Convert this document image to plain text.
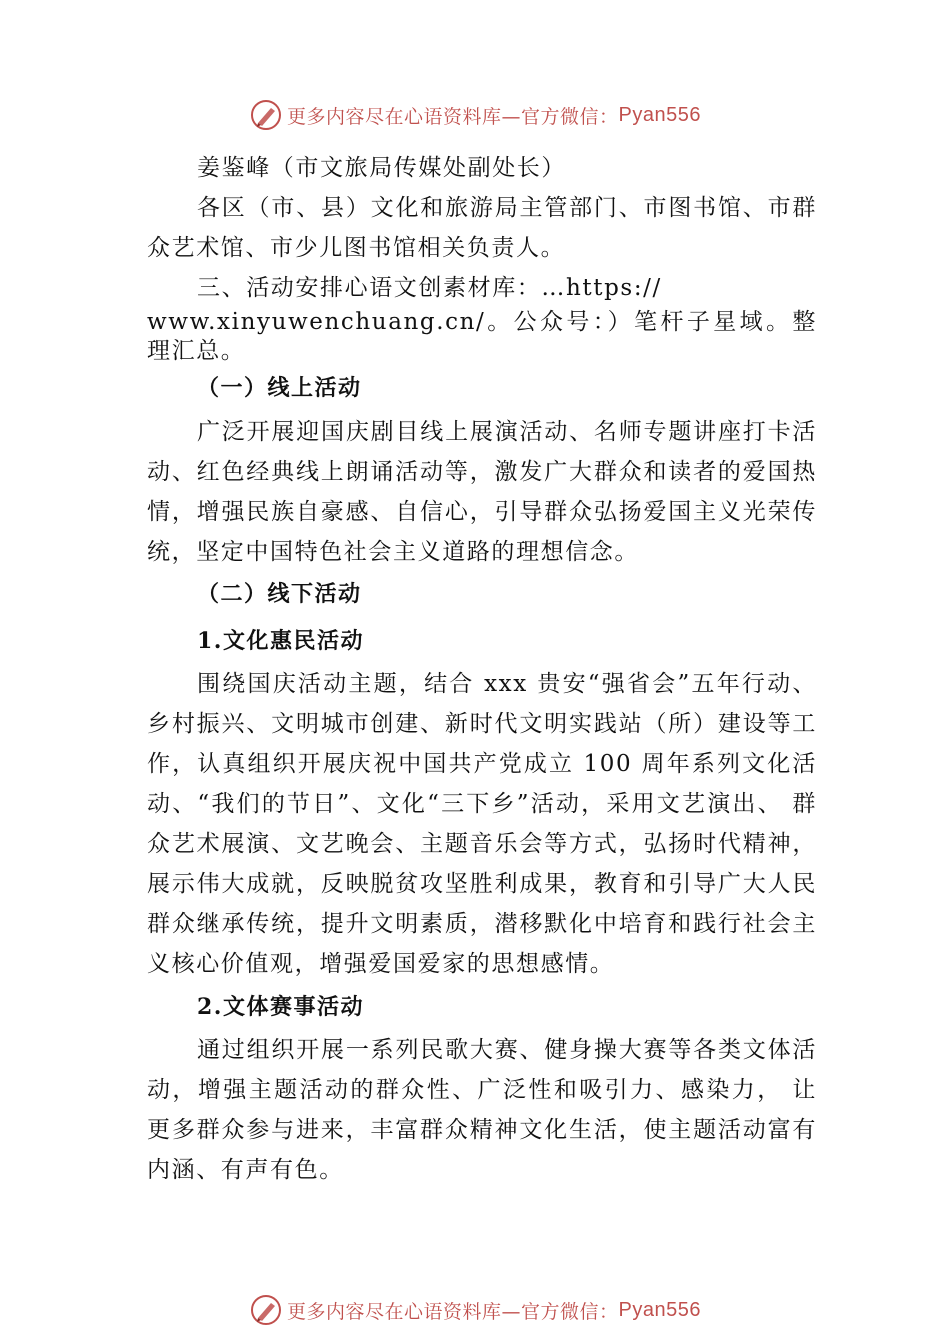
更多内容尽在心语资料库—官方微信： Pyan556

姜鉴峰（市文旅局传媒处副处长）

各区（市、县）文化和旅游局主管部门、市图书馆、市群众艺术馆、市少儿图书馆相关负责人。

三、活动安排心语文创素材库：…https://

www.xinyuwenchuang.cn/。公众号：）笔杆子星域。整理汇总。

（一）线上活动

广泛开展迎国庆剧目线上展演活动、名师专题讲座打卡活动、红色经典线上朗诵活动等，激发广大群众和读者的爱国热情，增强民族自豪感、自信心，引导群众弘扬爱国主义光荣传统，坚定中国特色社会主义道路的理想信念。

（二）线下活动
1.文化惠民活动

围绕国庆活动主题，结合 xxx 贵安“强省会”五年行动、乡村振兴、文明城市创建、新时代文明实践站（所）建设等工作，认真组织开展庆祝中国共产党成立 100 周年系列文化活动、“我们的节日”、文化“三下乡”活动，采用文艺演出、 群众艺术展演、文艺晚会、主题音乐会等方式，弘扬时代精神，展示伟大成就，反映脱贫攻坚胜利成果，教育和引导广大人民群众继承传统，提升文明素质，潜移默化中培育和践行社会主义核心价值观，增强爱国爱家的思想感情。

2.文体赛事活动

通过组织开展一系列民歌大赛、健身操大赛等各类文体活动，增强主题活动的群众性、广泛性和吸引力、感染力， 让更多群众参与进来，丰富群众精神文化生活，使主题活动富有内涵、有声有色。

更多内容尽在心语资料库—官方微信： Pyan556
